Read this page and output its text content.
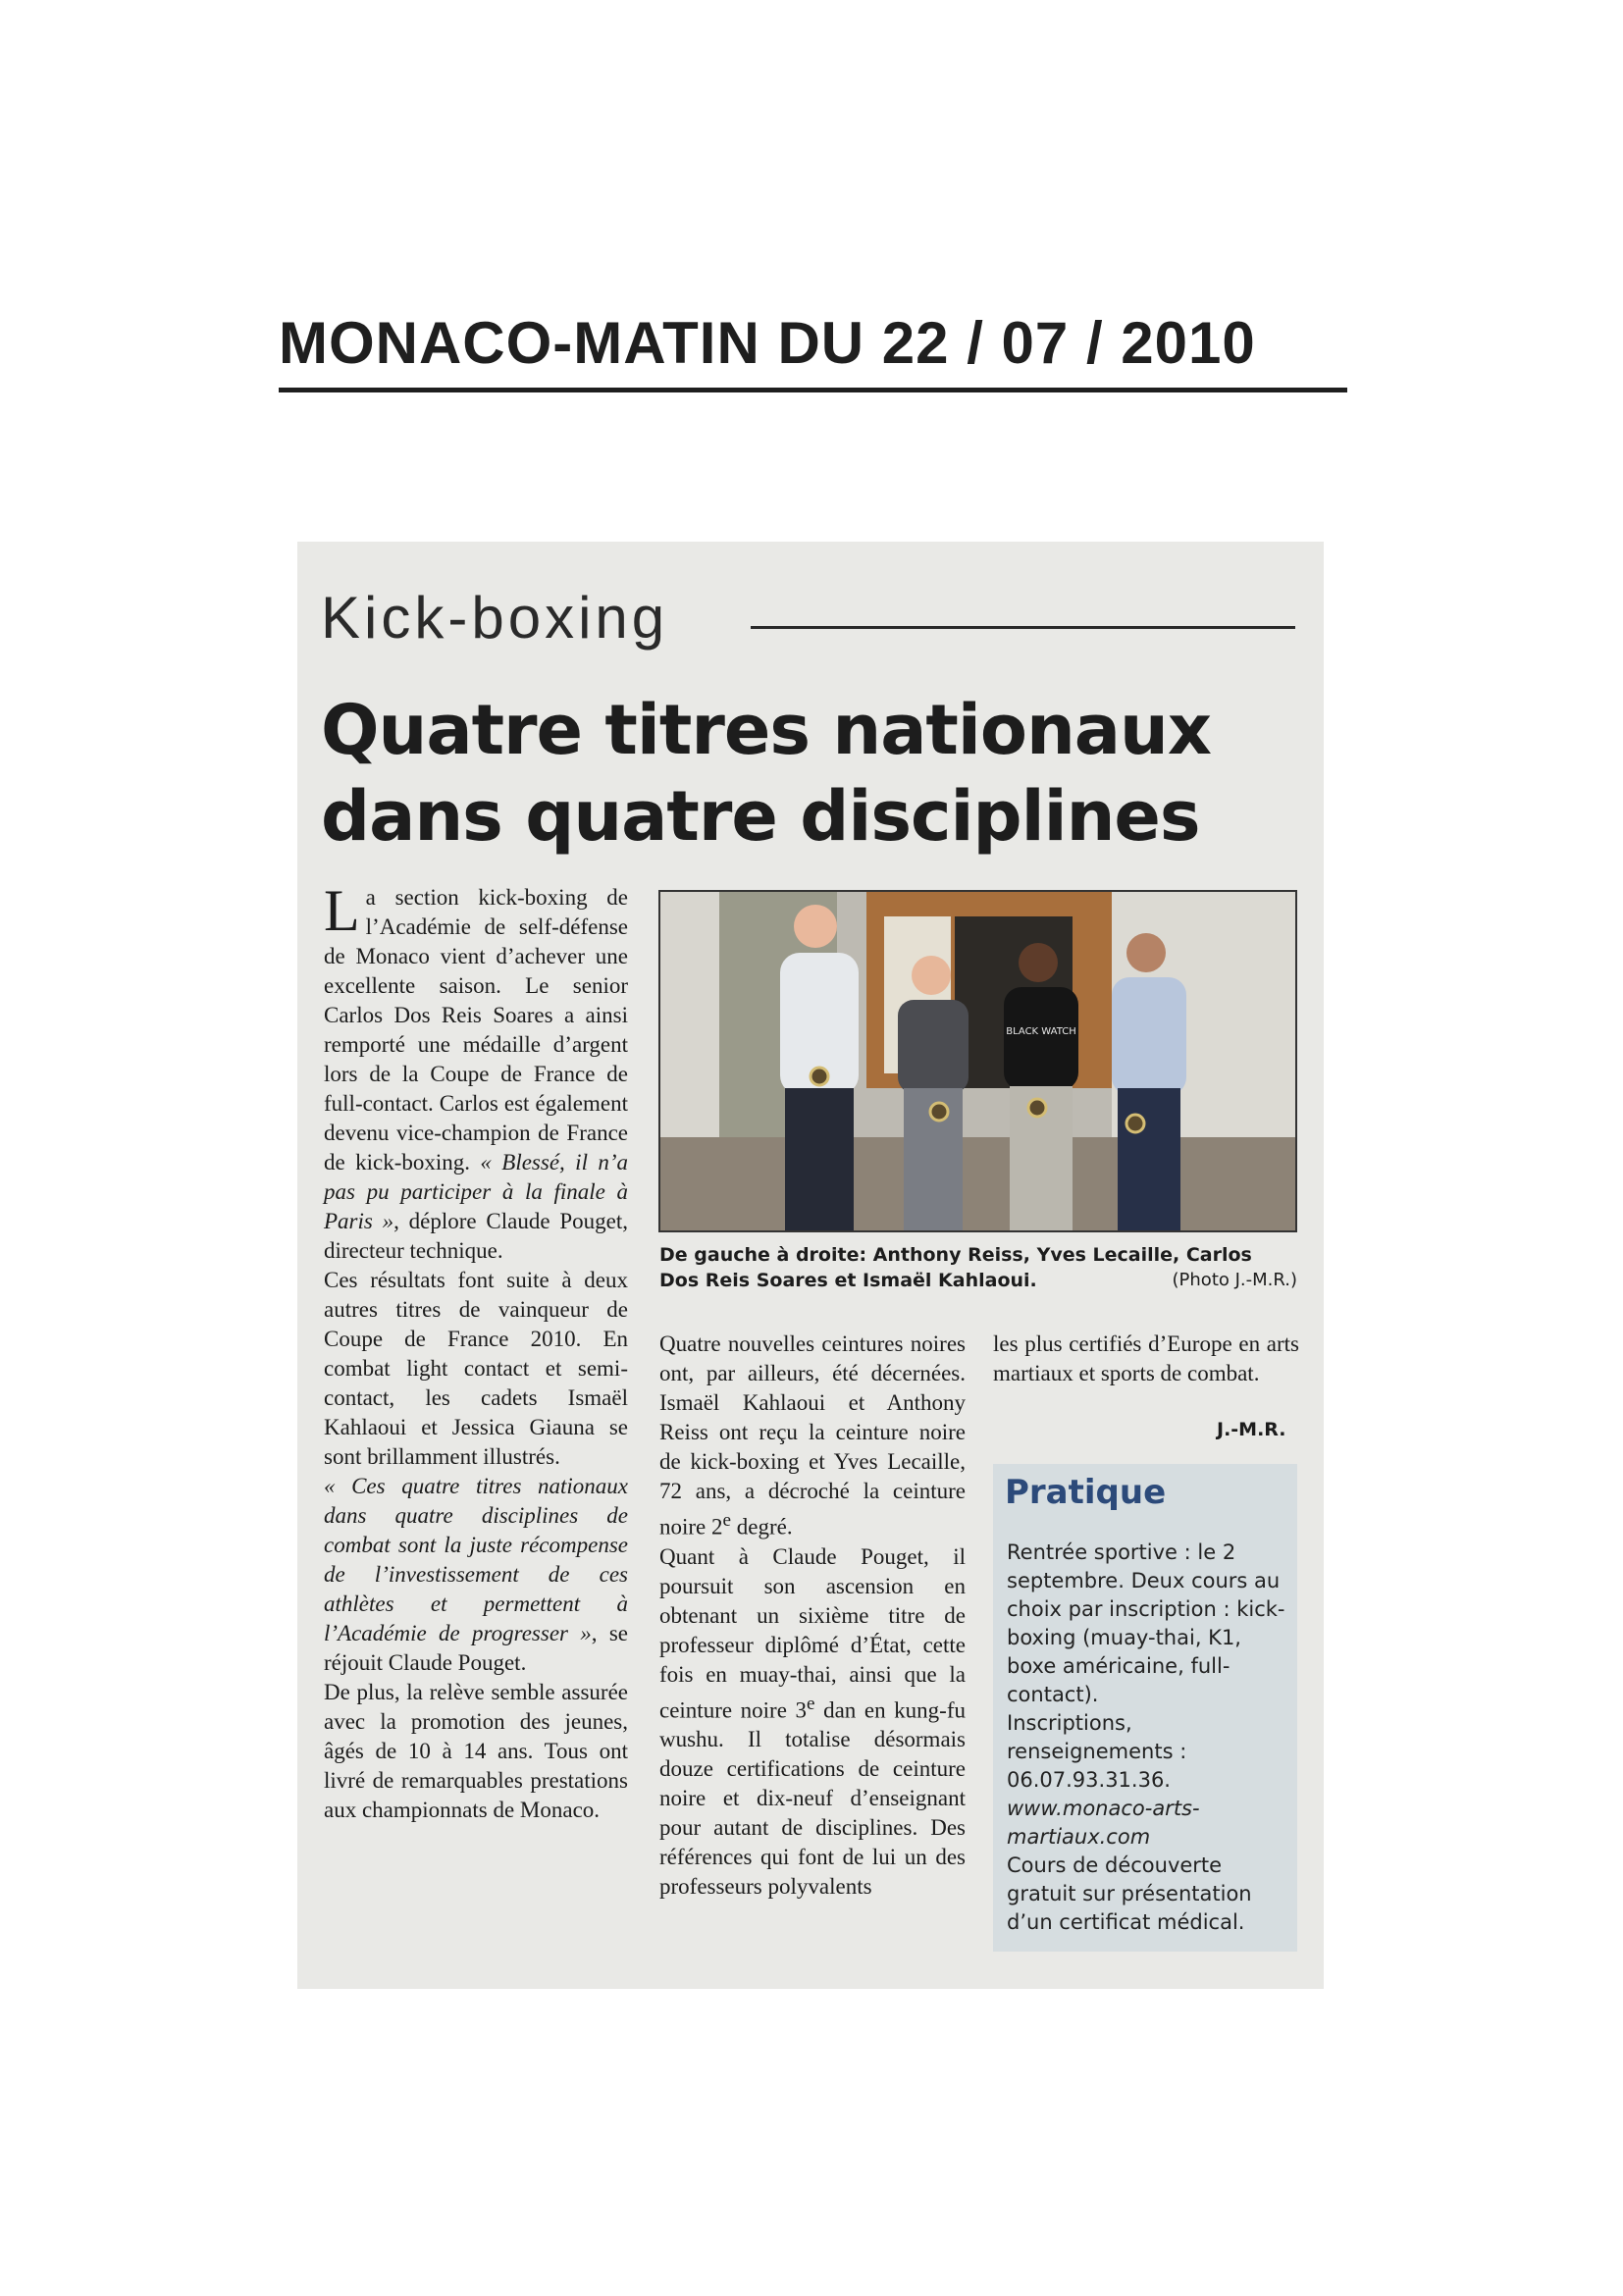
MONACO-MATIN DU 22 / 07 / 2010
Kick-boxing
Quatre titres nationaux
dans quatre disciplines

La section kick-boxing de l’Académie de self-défense de Monaco vient d’achever une excellente saison. Le senior Carlos Dos Reis Soares a ainsi remporté une médaille d’argent lors de la Coupe de France de full-contact. Carlos est également devenu vice-champion de France de kick-boxing. « Blessé, il n’a pas pu participer à la finale à Paris », déplore Claude Pouget, directeur technique.

Ces résultats font suite à deux autres titres de vainqueur de Coupe de France 2010. En combat light contact et semi-contact, les cadets Ismaël Kahlaoui et Jessica Giauna se sont brillamment illustrés.

« Ces quatre titres nationaux dans quatre disciplines de combat sont la juste récompense de l’investissement de ces athlètes et permettent à l’Académie de progresser », se réjouit Claude Pouget.

De plus, la relève semble assurée avec la promotion des jeunes, âgés de 10 à 14 ans. Tous ont livré de remarquables prestations aux championnats de Monaco.

BLACK WATCH
De gauche à droite: Anthony Reiss, Yves Lecaille, Carlos Dos Reis Soares et Ismaël Kahlaoui.	(Photo J.-M.R.)

Quatre nouvelles ceintures noires ont, par ailleurs, été décernées. Ismaël Kahlaoui et Anthony Reiss ont reçu la ceinture noire de kick-boxing et Yves Lecaille, 72 ans, a décroché la ceinture noire 2e degré.

Quant à Claude Pouget, il poursuit son ascension en obtenant un sixième titre de professeur diplômé d’État, cette fois en muay-thai, ainsi que la ceinture noire 3e dan en kung-fu wushu. Il totalise désormais douze certifications de ceinture noire et dix-neuf d’enseignant pour autant de disciplines. Des références qui font de lui un des professeurs polyvalents

les plus certifiés d’Europe en arts martiaux et sports de combat.

J.-M.R.
Pratique

Rentrée sportive : le 2 septembre. Deux cours au choix par inscription : kick-boxing (muay-thai, K1, boxe américaine, full-contact).

Inscriptions, renseignements : 06.07.93.31.36.

www.monaco-arts-martiaux.com

Cours de découverte gratuit sur présentation d’un certificat médical.
